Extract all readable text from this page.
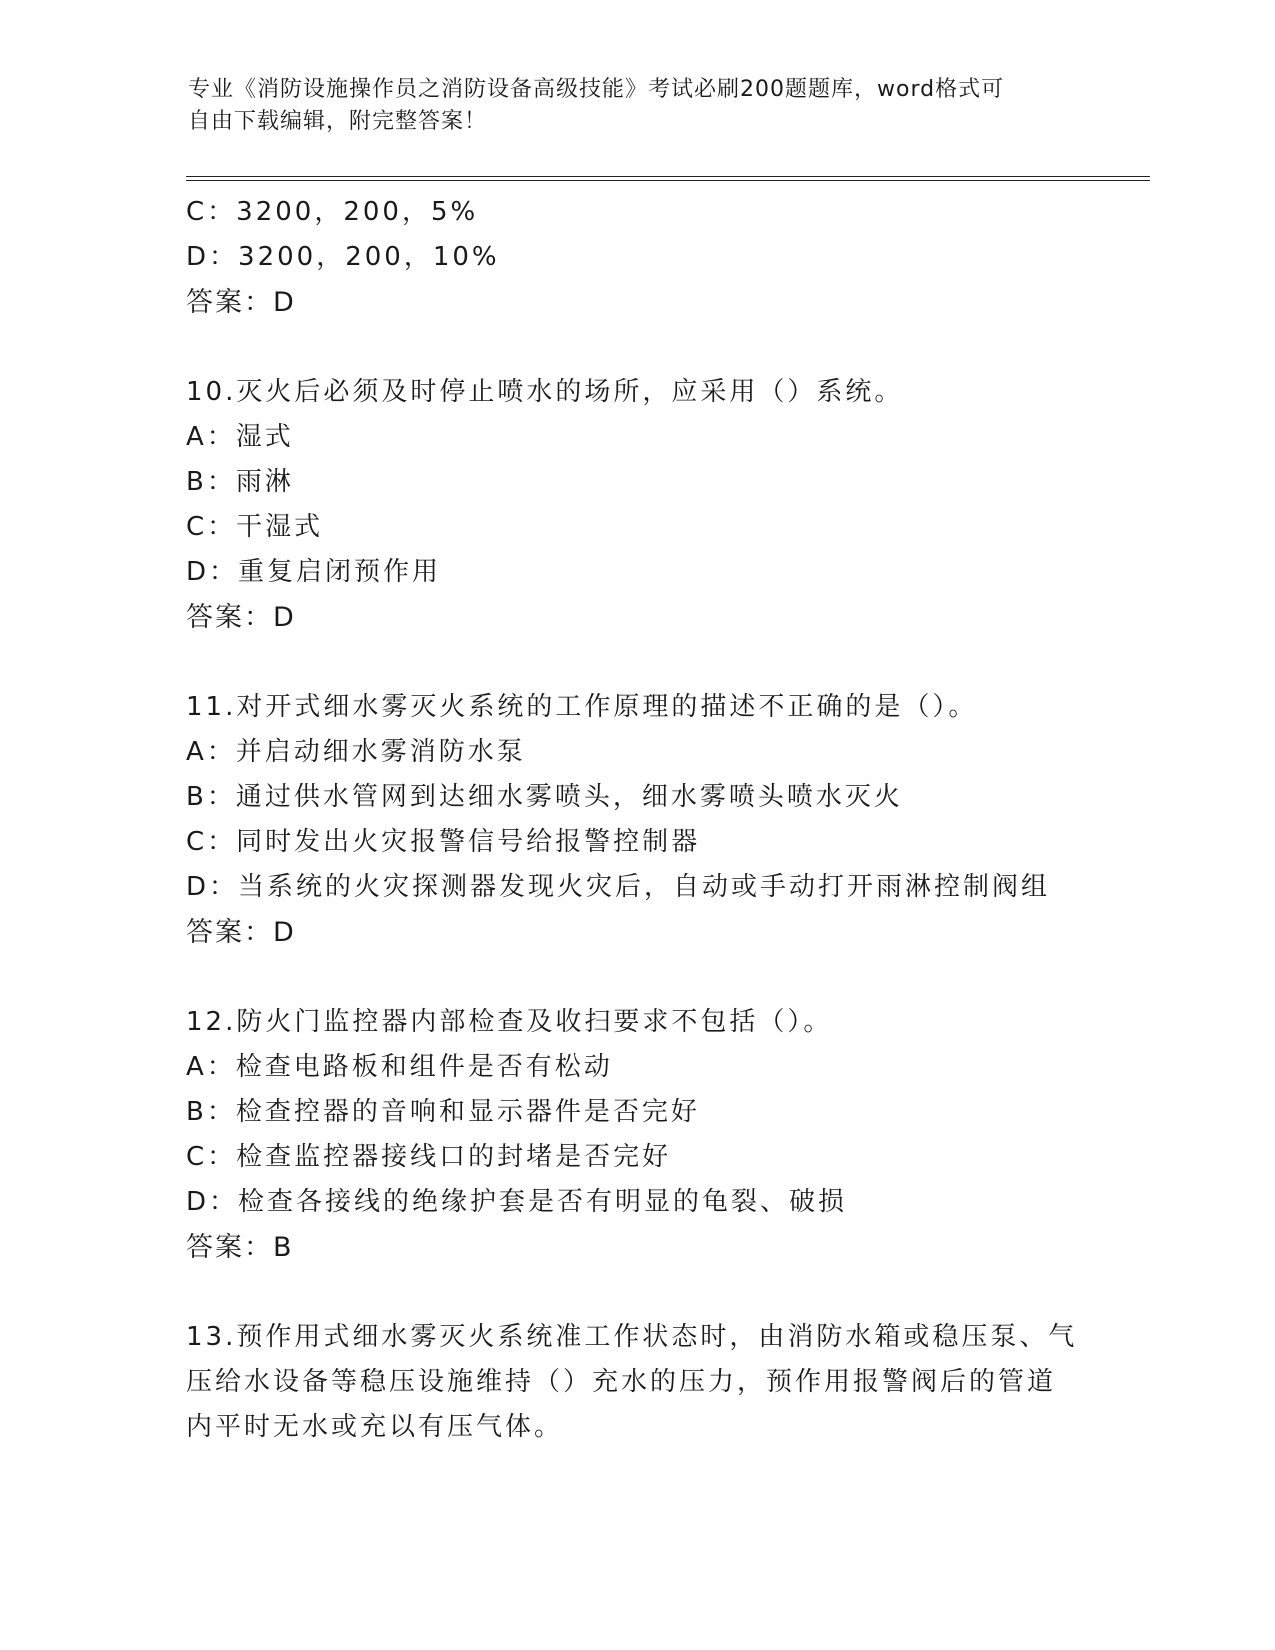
专业《消防设施操作员之消防设备高级技能》考试必刷200题题库，word格式可
自由下载编辑，附完整答案！
C：3200，200，5%
D：3200，200，10%
答案：D
10.灭火后必须及时停止喷水的场所，应采用（）系统。
A：湿式
B：雨淋
C：干湿式
D：重复启闭预作用
答案：D
11.对开式细水雾灭火系统的工作原理的描述不正确的是（）。
A：并启动细水雾消防水泵
B：通过供水管网到达细水雾喷头，细水雾喷头喷水灭火
C：同时发出火灾报警信号给报警控制器
D：当系统的火灾探测器发现火灾后，自动或手动打开雨淋控制阀组
答案：D
12.防火门监控器内部检查及收扫要求不包括（）。
A：检查电路板和组件是否有松动
B：检查控器的音响和显示器件是否完好
C：检查监控器接线口的封堵是否完好
D：检查各接线的绝缘护套是否有明显的龟裂、破损
答案：B
13.预作用式细水雾灭火系统准工作状态时，由消防水箱或稳压泵、气
压给水设备等稳压设施维持（）充水的压力，预作用报警阀后的管道
内平时无水或充以有压气体。
